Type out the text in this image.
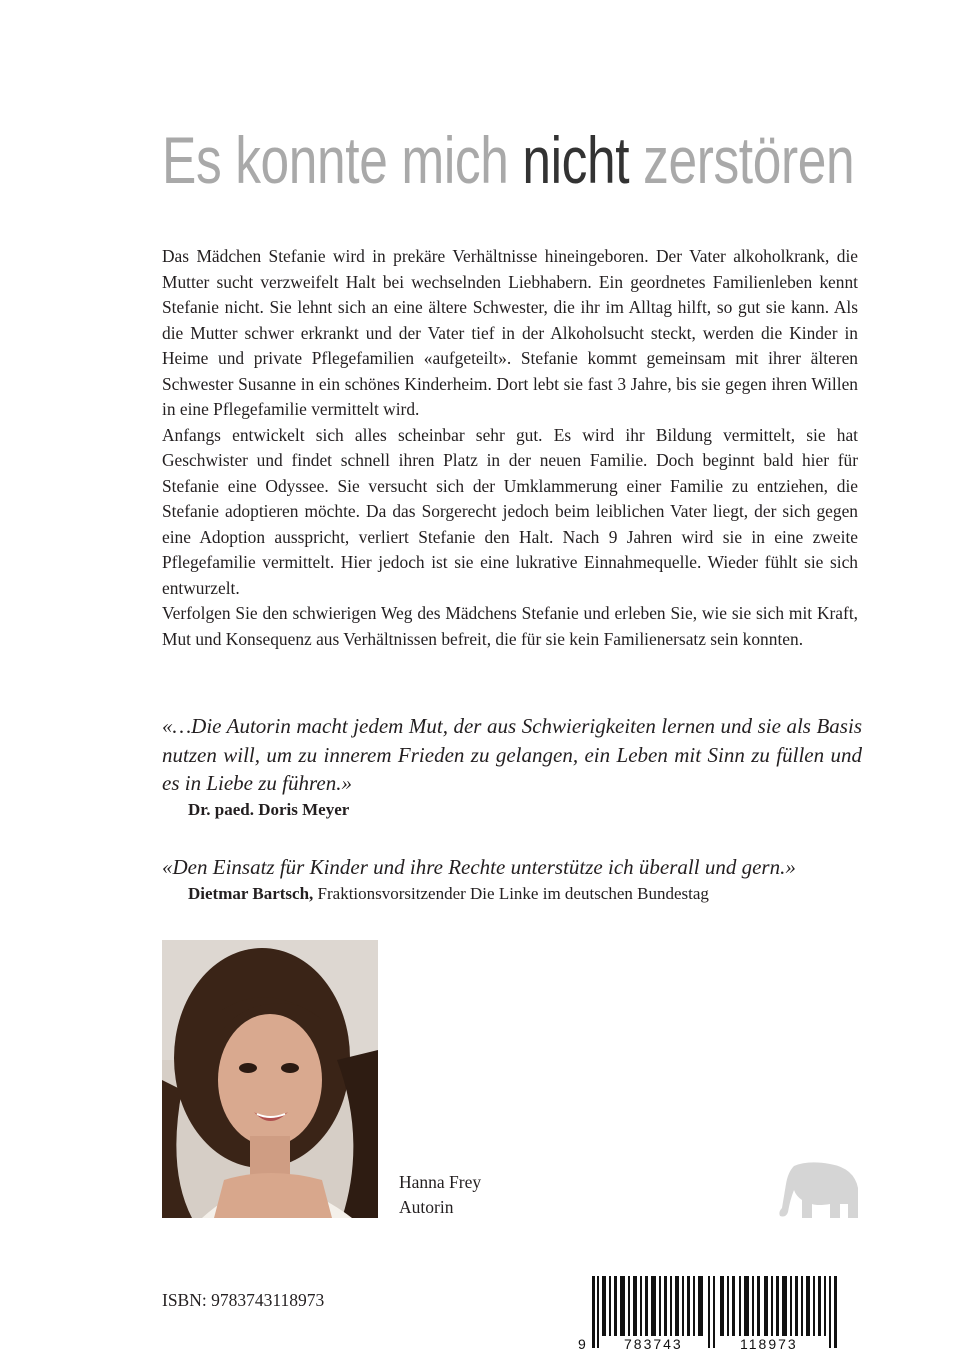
Es konnte mich nicht zerstören

Das Mädchen Stefanie wird in prekäre Verhältnisse hineingeboren. Der Vater alkoholkrank, die Mutter sucht verzweifelt Halt bei wechselnden Liebhabern. Ein geordnetes Familienleben kennt Stefanie nicht. Sie lehnt sich an eine ältere Schwester, die ihr im Alltag hilft, so gut sie kann. Als die Mutter schwer erkrankt und der Vater tief in der Alkoholsucht steckt, werden die Kinder in Heime und private Pflegefamilien «aufgeteilt». Stefanie kommt gemeinsam mit ihrer älteren Schwester Susanne in ein schönes Kinderheim. Dort lebt sie fast 3 Jahre, bis sie gegen ihren Willen in eine Pflegefamilie vermittelt wird.

Anfangs entwickelt sich alles scheinbar sehr gut. Es wird ihr Bildung vermittelt, sie hat Geschwister und findet schnell ihren Platz in der neuen Familie. Doch beginnt bald hier für Stefanie eine Odyssee. Sie versucht sich der Umklammerung einer Familie zu entziehen, die Stefanie adoptieren möchte. Da das Sorgerecht jedoch beim leiblichen Vater liegt, der sich gegen eine Adoption ausspricht, verliert Stefanie den Halt. Nach 9 Jahren wird sie in eine zweite Pflegefamilie vermittelt. Hier jedoch ist sie eine lukrative Einnahmequelle. Wieder fühlt sie sich entwurzelt.

Verfolgen Sie den schwierigen Weg des Mädchens Stefanie und erleben Sie, wie sie sich mit Kraft, Mut und Konsequenz aus Verhältnissen befreit, die für sie kein Familienersatz sein konnten.

«…Die Autorin macht jedem Mut, der aus Schwierigkeiten lernen und sie als Basis nutzen will, um zu innerem Frieden zu gelangen, ein Leben mit Sinn zu füllen und es in Liebe zu führen.»

Dr. paed. Doris Meyer

«Den Einsatz für Kinder und ihre Rechte unterstütze ich überall und gern.»

Dietmar Bartsch, Fraktionsvorsitzender Die Linke im deutschen Bundestag
Hanna Frey
Autorin
ISBN: 9783743118973
9	783743	118973
